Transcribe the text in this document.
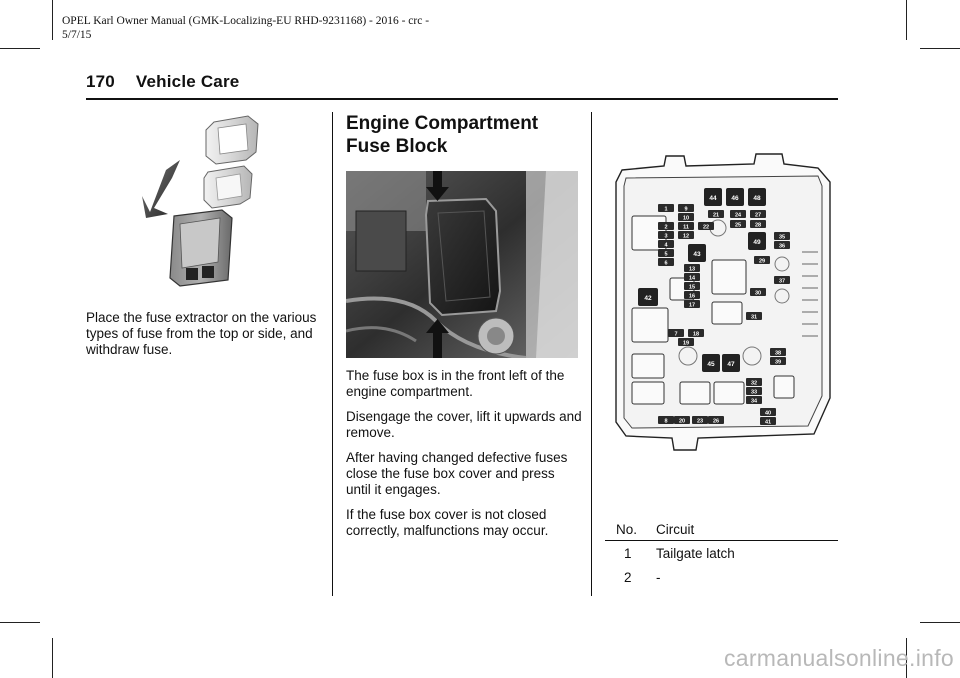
OPEL Karl Owner Manual (GMK-Localizing-EU RHD-9231168) - 2016 - crc -
5/7/15
170 Vehicle Care

Place the fuse extractor on the various types of fuse from the top or side, and withdraw fuse.

Engine Compartment
Fuse Block

The fuse box is in the front left of the engine compartment.

Disengage the cover, lift it upwards and remove.

After having changed defective fuses close the fuse box cover and press until it engages.

If the fuse box cover is not closed correctly, malfunctions may occur.

44 46 48
49
43
42
45 47
1	9
10
2	11	22
3	12
4
5
13
6
14
15
16
17
7	18
19
32
33
34
40
41
8 20 23 26
21	24	27
25	28
35
36
29
37
30
31
38
39
No. Circuit
1 Tailgate latch
2 -
carmanualsonline.info
